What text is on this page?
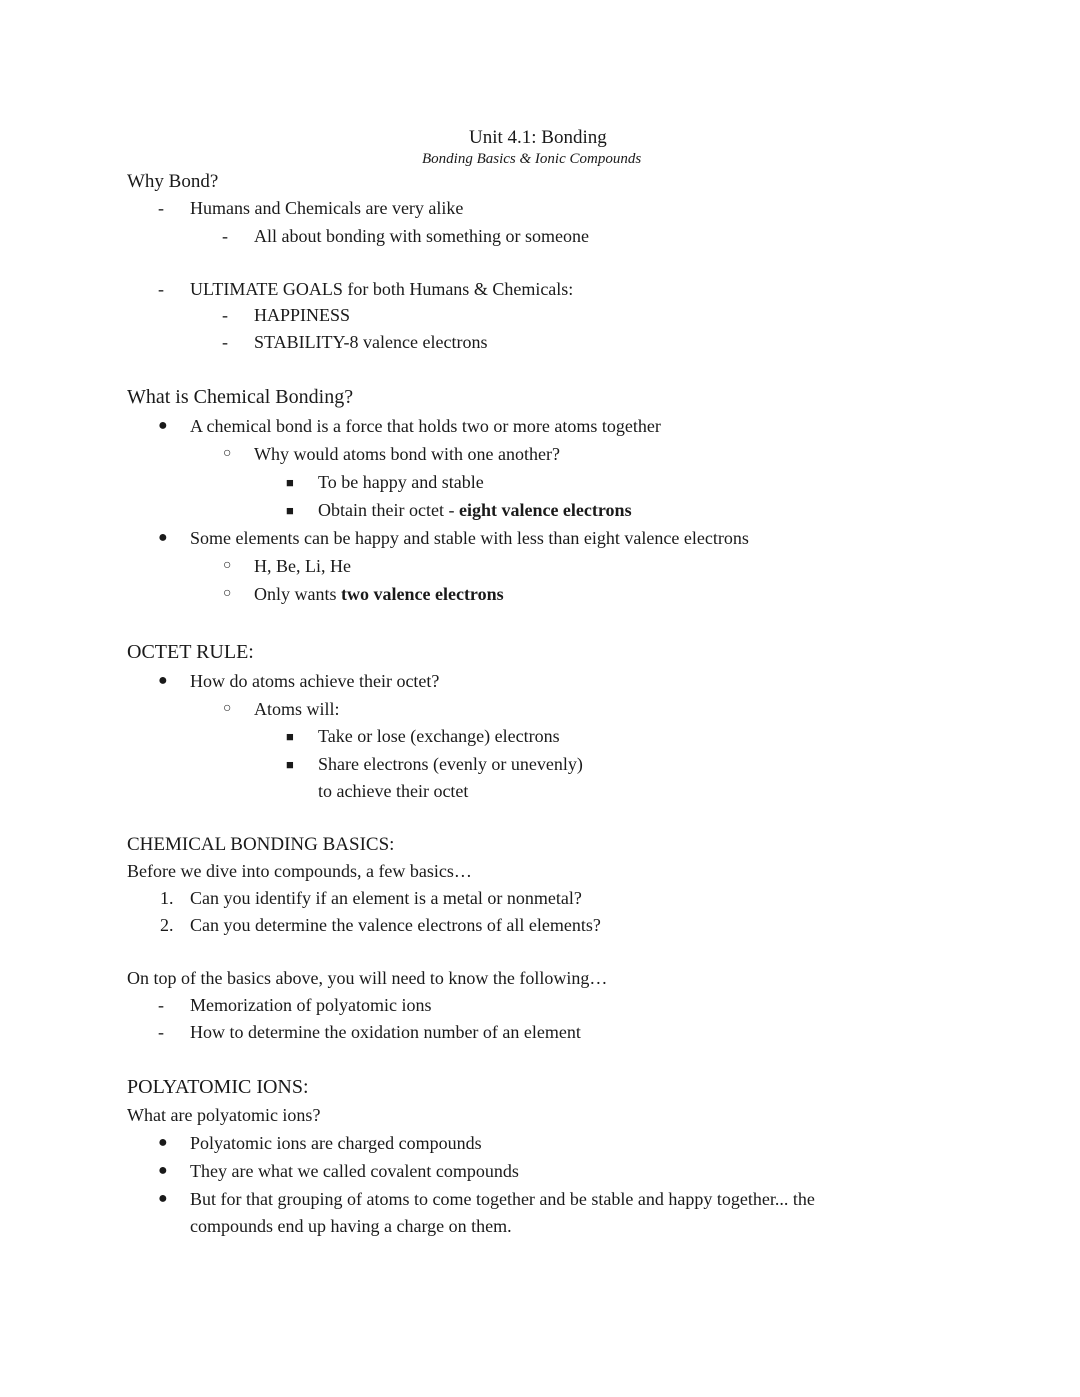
Unit 4.1: Bonding
Bonding Basics & Ionic Compounds
Why Bond?
- Humans and Chemicals are very alike
- All about bonding with something or someone
- ULTIMATE GOALS for both Humans & Chemicals:
- HAPPINESS
- STABILITY-8 valence electrons
What is Chemical Bonding?
● A chemical bond is a force that holds two or more atoms together
○ Why would atoms bond with one another?
■ To be happy and stable
■ Obtain their octet - eight valence electrons
● Some elements can be happy and stable with less than eight valence electrons
○ H, Be, Li, He
○ Only wants two valence electrons
OCTET RULE:
● How do atoms achieve their octet?
○ Atoms will:
■ Take or lose (exchange) electrons
■ Share electrons (evenly or unevenly)
to achieve their octet
CHEMICAL BONDING BASICS:
Before we dive into compounds, a few basics…
1. Can you identify if an element is a metal or nonmetal?
2. Can you determine the valence electrons of all elements?
On top of the basics above, you will need to know the following…
- Memorization of polyatomic ions
- How to determine the oxidation number of an element
POLYATOMIC IONS:
What are polyatomic ions?
● Polyatomic ions are charged compounds
● They are what we called covalent compounds
● But for that grouping of atoms to come together and be stable and happy together... the
compounds end up having a charge on them.
